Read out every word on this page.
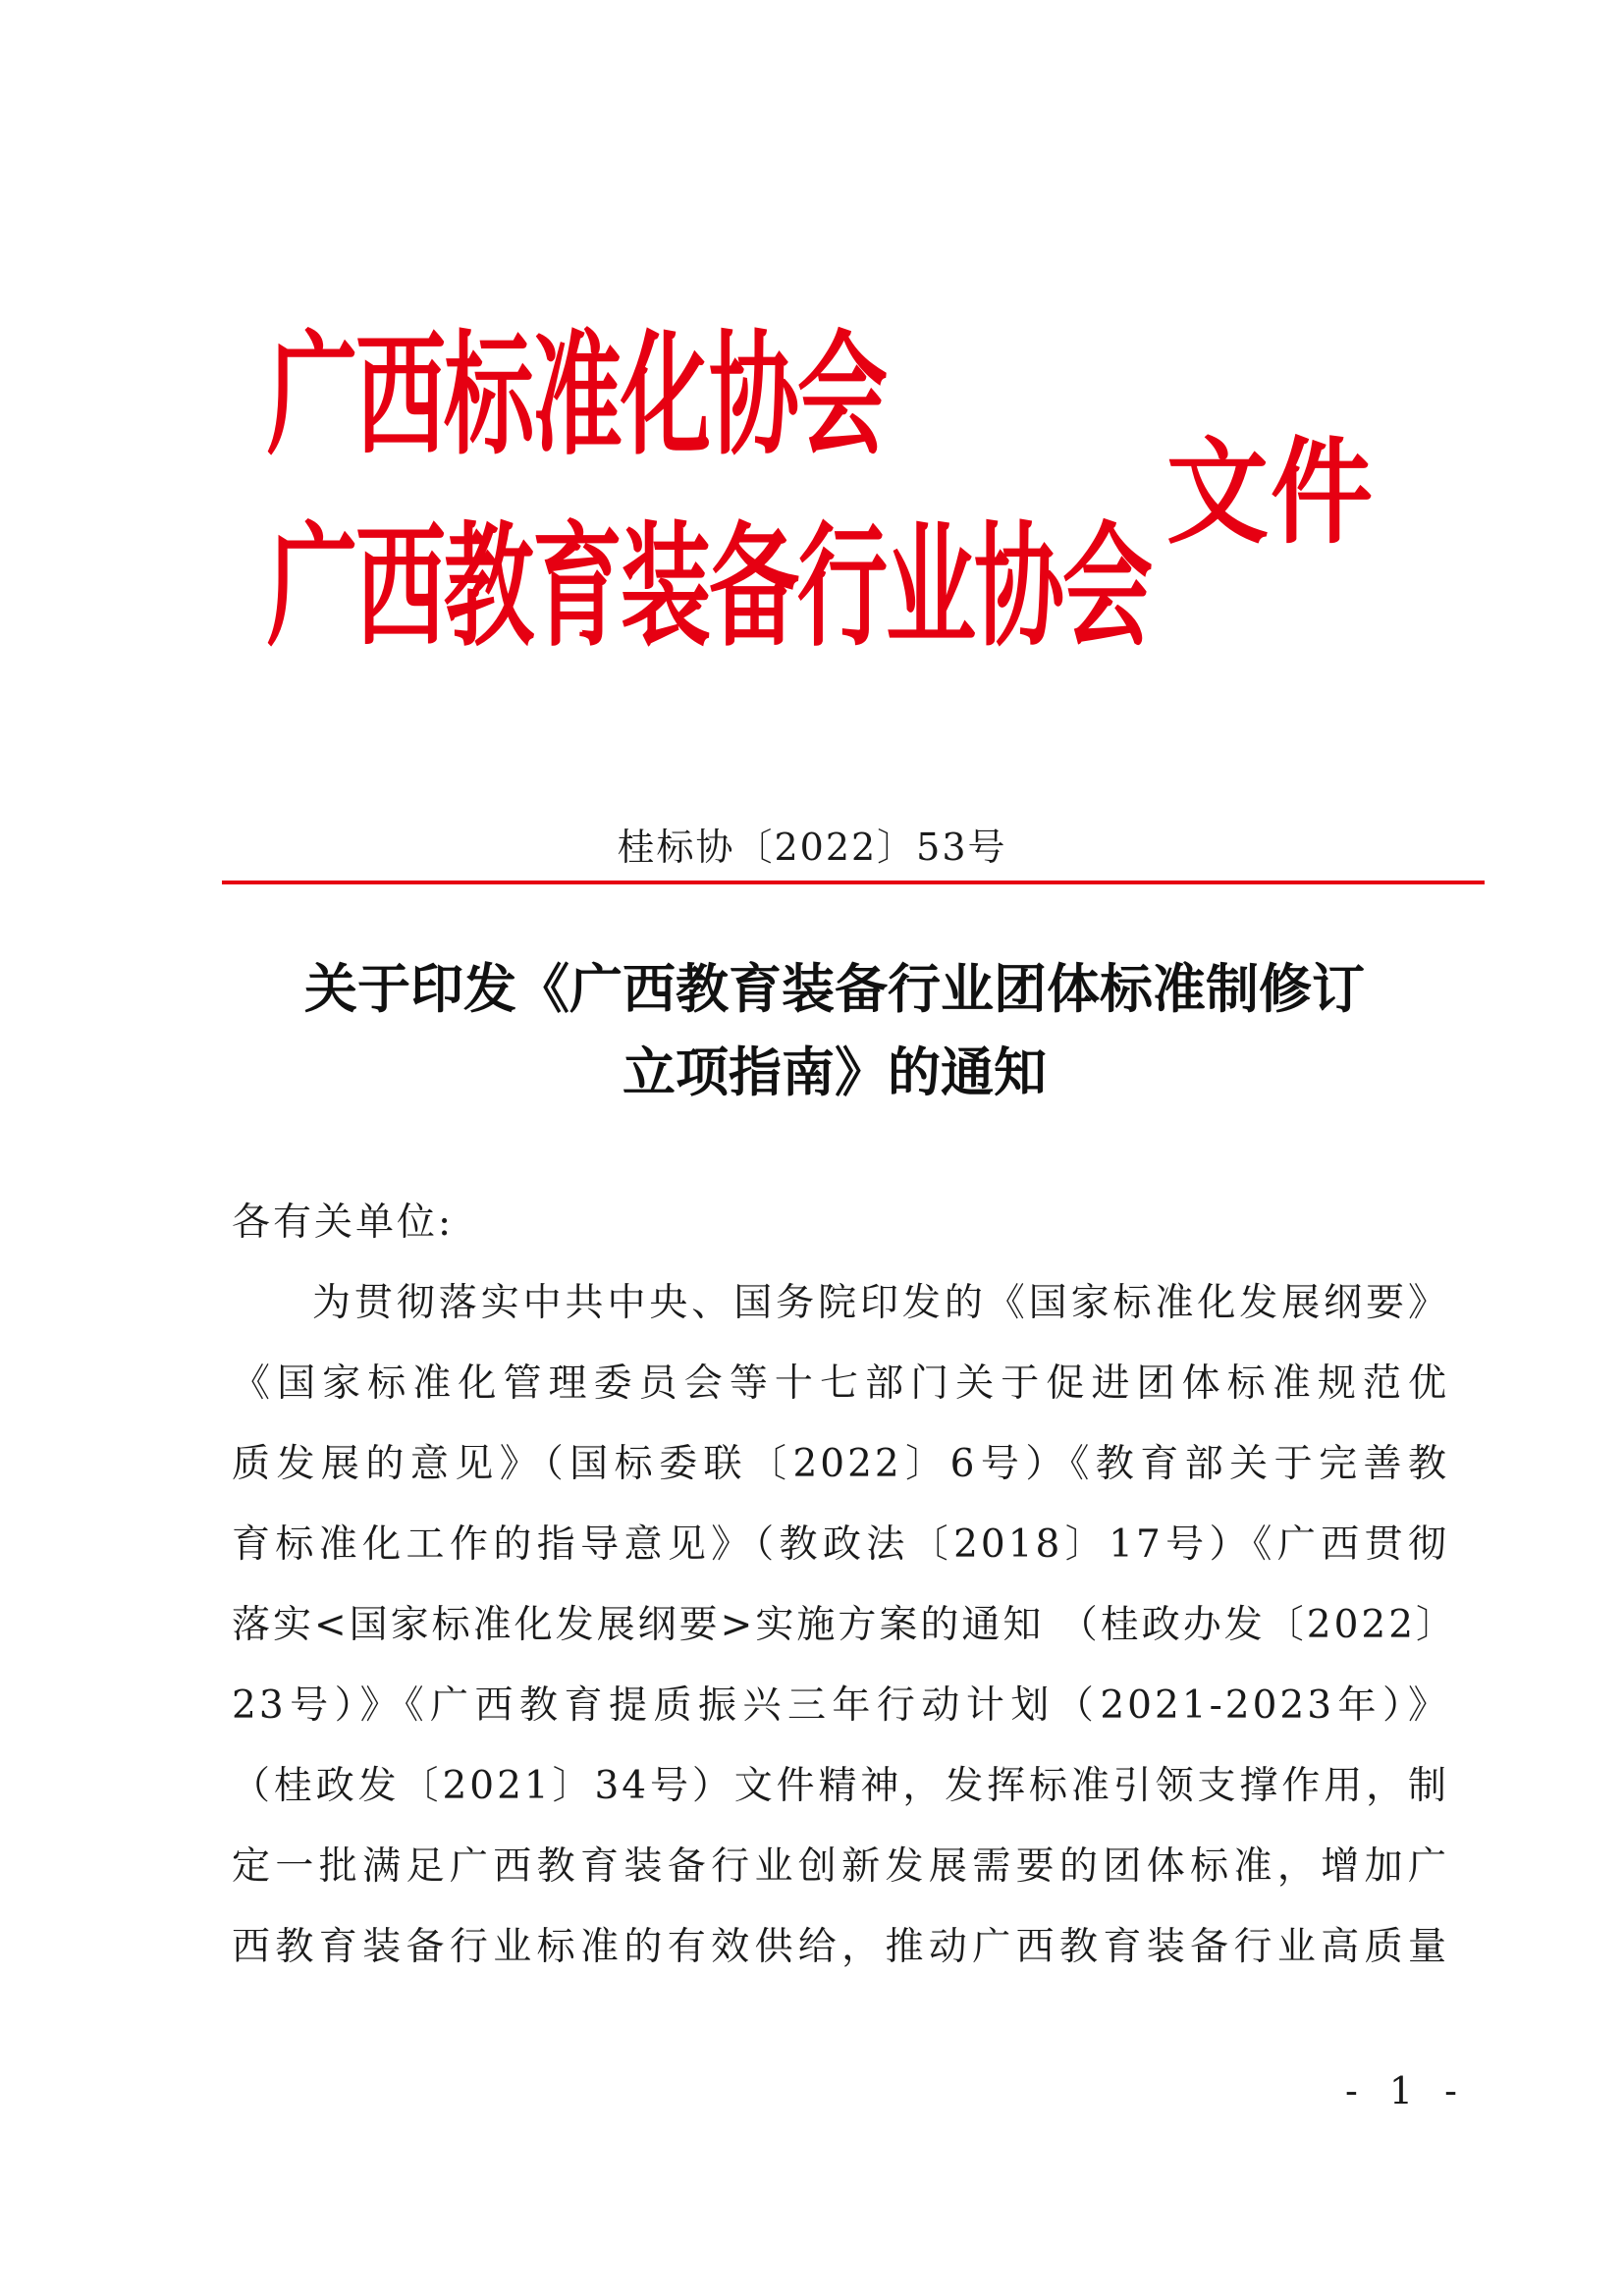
广西标准化协会
广西教育装备行业协会
文件
桂标协〔2022〕53号
关于印发《广西教育装备行业团体标准制修订
立项指南》的通知
各有关单位:
为贯彻落实中共中央、国务院印发的《国家标准化发展纲要》
《国家标准化管理委员会等十七部门关于促进团体标准规范优
质发展的意见》（国标委联〔2022〕6号）《教育部关于完善教
育标准化工作的指导意见》（教政法〔2018〕17号）《广西贯彻
落实<国家标准化发展纲要>实施方案的通知 （桂政办发〔2022〕
23号）》《广西教育提质振兴三年行动计划（2021-2023年）》
（桂政发〔2021〕34号）文件精神，发挥标准引领支撑作用，制
定一批满足广西教育装备行业创新发展需要的团体标准，增加广
西教育装备行业标准的有效供给，推动广西教育装备行业高质量
- 1 -
